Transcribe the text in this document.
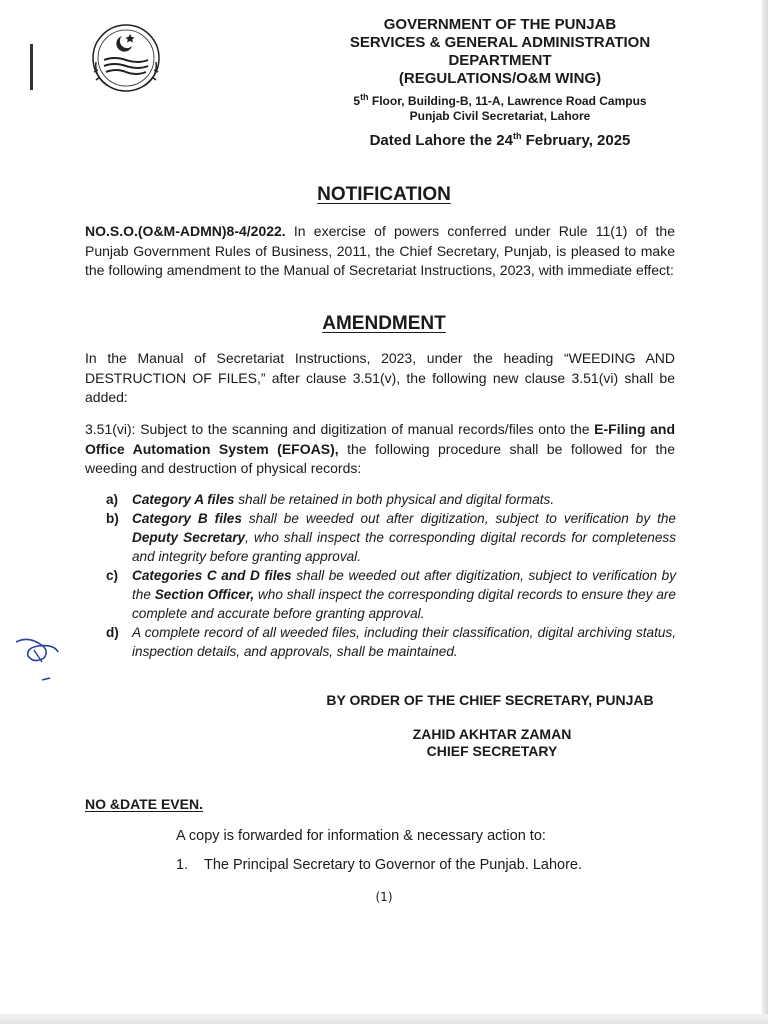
GOVERNMENT OF THE PUNJAB
SERVICES & GENERAL ADMINISTRATION
DEPARTMENT
(REGULATIONS/O&M WING)
5th Floor, Building-B, 11-A, Lawrence Road Campus
Punjab Civil Secretariat, Lahore
Dated Lahore the 24th February, 2025
NOTIFICATION
NO.S.O.(O&M-ADMN)8-4/2022. In exercise of powers conferred under Rule 11(1) of the Punjab Government Rules of Business, 2011, the Chief Secretary, Punjab, is pleased to make the following amendment to the Manual of Secretariat Instructions, 2023, with immediate effect:
AMENDMENT
In the Manual of Secretariat Instructions, 2023, under the heading “WEEDING AND DESTRUCTION OF FILES,” after clause 3.51(v), the following new clause 3.51(vi) shall be added:
3.51(vi): Subject to the scanning and digitization of manual records/files onto the E-Filing and Office Automation System (EFOAS), the following procedure shall be followed for the weeding and destruction of physical records:
a)	Category A files shall be retained in both physical and digital formats.
b) Category B files shall be weeded out after digitization, subject to verification by the Deputy Secretary, who shall inspect the corresponding digital records for completeness and integrity before granting approval.
c)	Categories C and D files shall be weeded out after digitization, subject to verification by the Section Officer, who shall inspect the corresponding digital records to ensure they are complete and accurate before granting approval.
d) A complete record of all weeded files, including their classification, digital archiving status, inspection details, and approvals, shall be maintained.
BY ORDER OF THE CHIEF SECRETARY, PUNJAB
ZAHID AKHTAR ZAMAN
CHIEF SECRETARY
NO &DATE EVEN.
A copy is forwarded for information & necessary action to:
1.	The Principal Secretary to Governor of the Punjab. Lahore.
(1)
